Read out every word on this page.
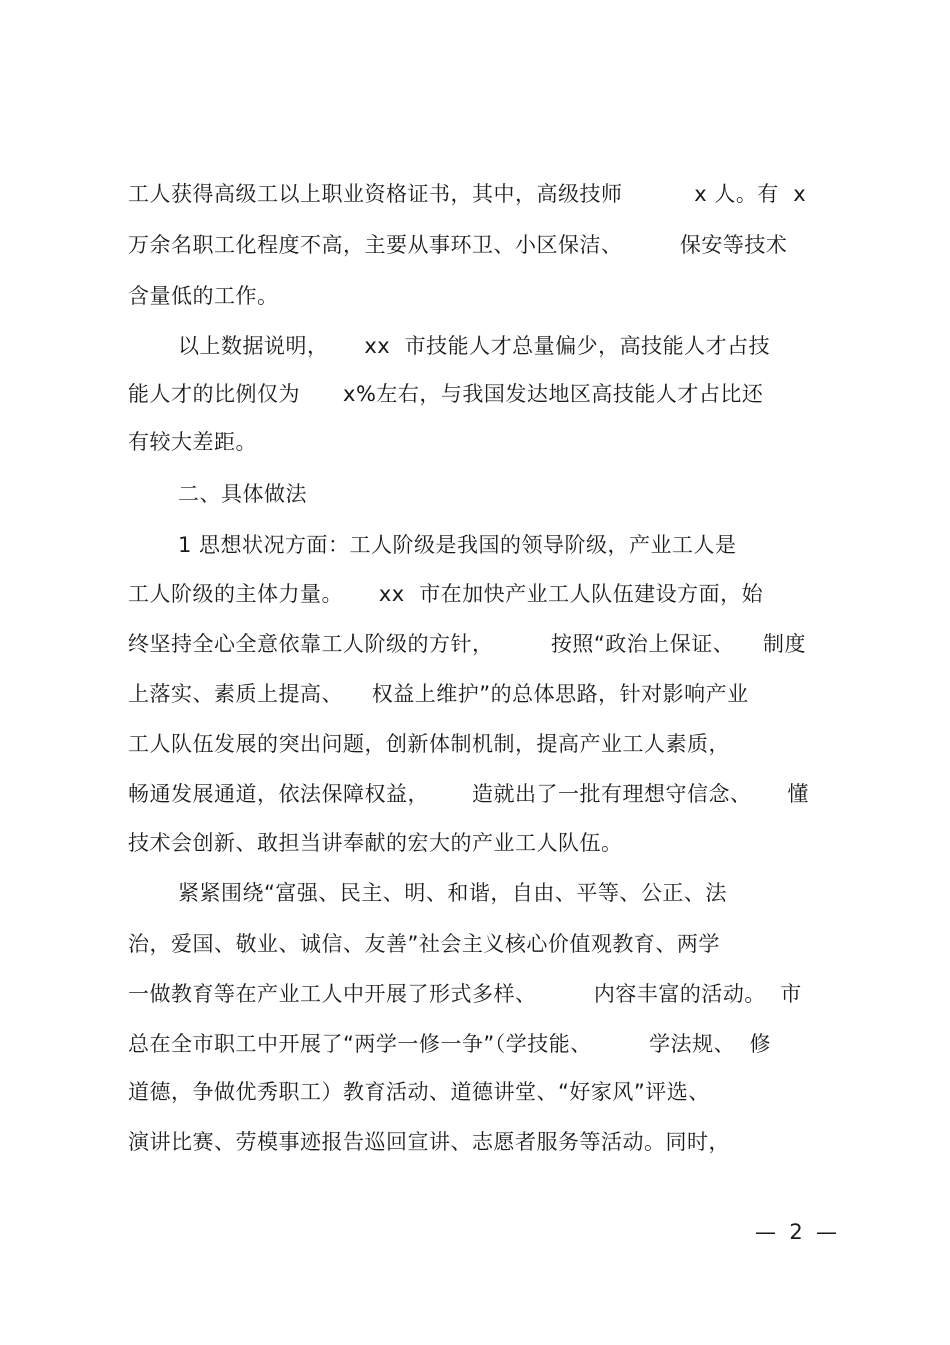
工人获得高级工以上职业资格证书，其中，高级技师          x 人。有  x
万余名职工化程度不高，主要从事环卫、小区保洁、        保安等技术
含量低的工作。
以上数据说明，     xx  市技能人才总量偏少，高技能人才占技
能人才的比例仅为      x%左右，与我国发达地区高技能人才占比还
有较大差距。
二、具体做法
1 思想状况方面：工人阶级是我国的领导阶级，产业工人是
工人阶级的主体力量。     xx  市在加快产业工人队伍建设方面，始
终坚持全心全意依靠工人阶级的方针，        按照“政治上保证、    制度
上落实、素质上提高、    权益上维护”的总体思路，针对影响产业
工人队伍发展的突出问题，创新体制机制，提高产业工人素质，
畅通发展通道，依法保障权益，      造就出了一批有理想守信念、     懂
技术会创新、敢担当讲奉献的宏大的产业工人队伍。
紧紧围绕“富强、民主、明、和谐，自由、平等、公正、法
治，爱国、敬业、诚信、友善”社会主义核心价值观教育、两学
一做教育等在产业工人中开展了形式多样、        内容丰富的活动。  市
总在全市职工中开展了“两学一修一争”（学技能、        学法规、  修
道德，争做优秀职工）教育活动、道德讲堂、“好家风”评选、
演讲比赛、劳模事迹报告巡回宣讲、志愿者服务等活动。同时，
—  2  —
